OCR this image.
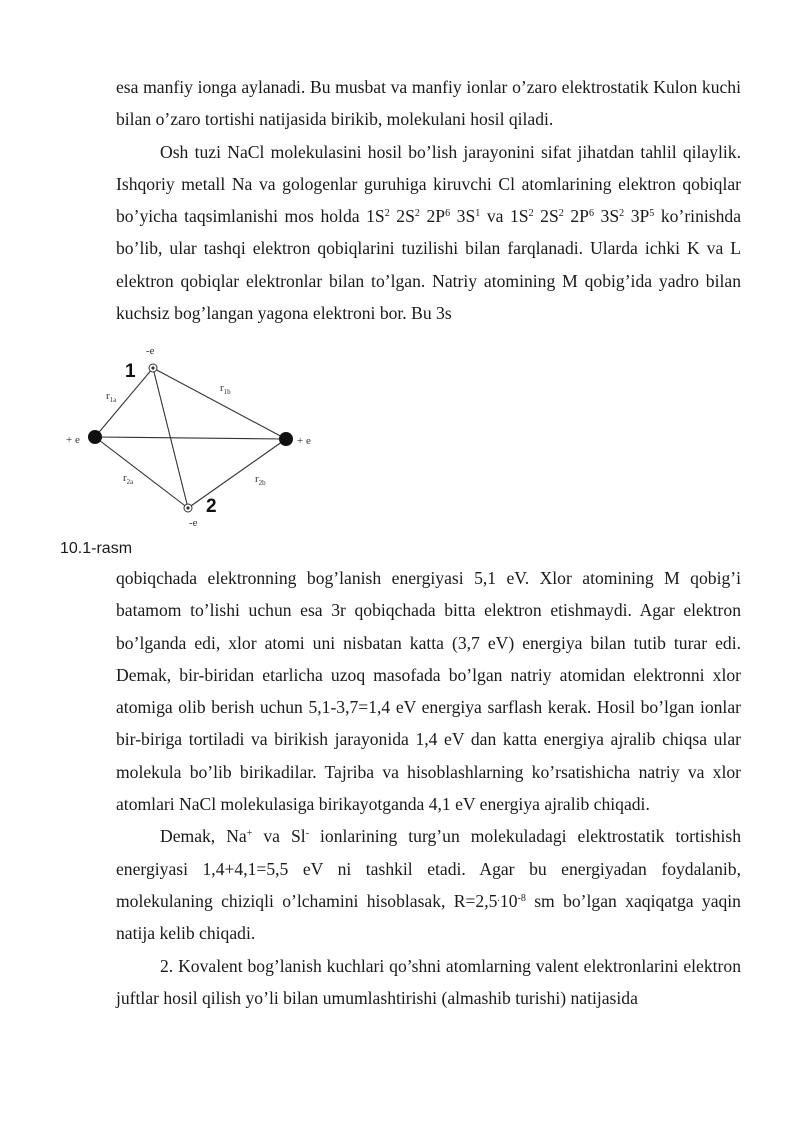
esa manfiy ionga aylanadi. Bu musbat va manfiy ionlar o’zaro elektrostatik Kulon kuchi bilan o’zaro tortishi natijasida birikib, molekulani hosil qiladi.

Osh tuzi NaCl molekulasini hosil bo’lish jarayonini sifat jihatdan tahlil qilaylik. Ishqoriy metall Na va gologenlar guruhiga kiruvchi Cl atomlarining elektron qobiqlar bo’yicha taqsimlanishi mos holda $1S^2$ $2S^2$ $2P^6$ $3S^1$ va $1S^2$ $2S^2$ $2P^6$ $3S^2$ $3P^5$ ko’rinishda bo’lib, ular tashqi elektron qobiqlarini tuzilishi bilan farqlanadi. Ularda ichki K va L elektron qobiqlar elektronlar bilan to’lgan. Natriy atomining M qobig’ida yadro bilan kuchsiz bog’langan yagona elektroni bor. Bu 3s

-e
-e
+ e	+ e
1
2
$r_{1a}$
$r_{1b}$
$r_{2a}$	$r_{2b}$
10.1-rasm

qobiqchada elektronning bog’lanish energiyasi 5,1 eV. Xlor atomining M qobig’i batamom to’lishi uchun esa 3r qobiqchada bitta elektron etishmaydi. Agar elektron bo’lganda edi, xlor atomi uni nisbatan katta (3,7 eV) energiya bilan tutib turar edi. Demak, bir-biridan etarlicha uzoq masofada bo’lgan natriy atomidan elektronni xlor atomiga olib berish uchun 5,1-3,7=1,4 eV energiya sarflash kerak. Hosil bo’lgan ionlar bir-biriga tortiladi va birikish jarayonida 1,4 eV dan katta energiya ajralib chiqsa ular molekula bo’lib birikadilar. Tajriba va hisoblashlarning ko’rsatishicha natriy va xlor atomlari NaCl molekulasiga birikayotganda 4,1 eV energiya ajralib chiqadi.

Demak, Na+ va Sl- ionlarining turg’un molekuladagi elektrostatik tortishish energiyasi 1,4+4,1=5,5 eV ni tashkil etadi. Agar bu energiyadan foydalanib, molekulaning chiziqli o’lchamini hisoblasak, $R=2,5^.10^{-8}$ sm bo’lgan xaqiqatga yaqin natija kelib chiqadi.

2. Kovalent bog’lanish kuchlari qo’shni atomlarning valent elektronlarini elektron juftlar hosil qilish yo’li bilan umumlashtirishi (almashib turishi) natijasida
